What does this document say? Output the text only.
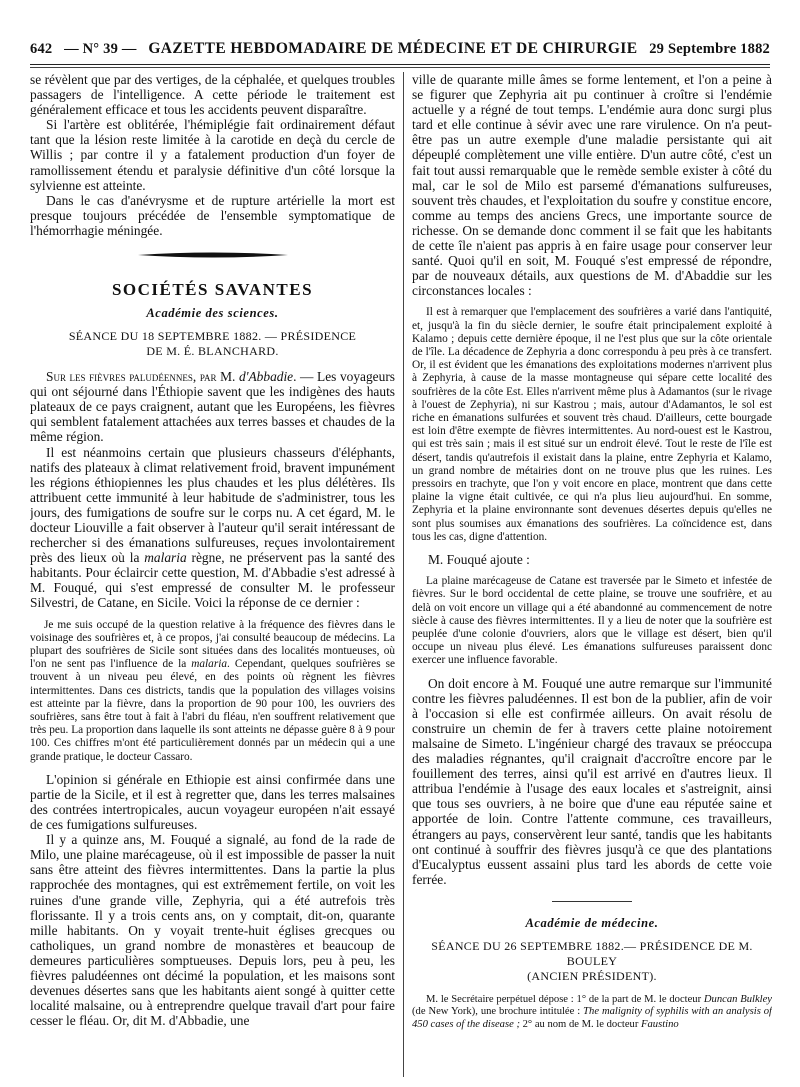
642 — N° 39 — GAZETTE HEBDOMADAIRE DE MÉDECINE ET DE CHIRURGIE 29 Septembre 1882

se révèlent que par des vertiges, de la céphalée, et quelques troubles passagers de l'intelligence. A cette période le traitement est généralement efficace et tous les accidents peuvent disparaître.

Si l'artère est oblitérée, l'hémiplégie fait ordinairement défaut tant que la lésion reste limitée à la carotide en deçà du cercle de Willis ; par contre il y a fatalement production d'un foyer de ramollissement étendu et paralysie définitive d'un côté lorsque la sylvienne est atteinte.

Dans le cas d'anévrysme et de rupture artérielle la mort est presque toujours précédée de l'ensemble symptomatique de l'hémorrhagie méningée.

SOCIÉTÉS SAVANTES
Académie des sciences.
SÉANCE DU 18 SEPTEMBRE 1882. — PRÉSIDENCE
DE M. É. BLANCHARD.

Sur les fièvres paludéennes, par M. d'Abbadie. — Les voyageurs qui ont séjourné dans l'Éthiopie savent que les indigènes des hauts plateaux de ce pays craignent, autant que les Européens, les fièvres qui semblent fatalement attachées aux terres basses et chaudes de la même région.

Il est néanmoins certain que plusieurs chasseurs d'éléphants, natifs des plateaux à climat relativement froid, bravent impunément les régions éthiopiennes les plus chaudes et les plus délétères. Ils attribuent cette immunité à leur habitude de s'administrer, tous les jours, des fumigations de soufre sur le corps nu. A cet égard, M. le docteur Liouville a fait observer à l'auteur qu'il serait intéressant de rechercher si des émanations sulfureuses, reçues involontairement près des lieux où la malaria règne, ne préservent pas la santé des habitants. Pour éclaircir cette question, M. d'Abbadie s'est adressé à M. Fouqué, qui s'est empressé de consulter M. le professeur Silvestri, de Catane, en Sicile. Voici la réponse de ce dernier :

Je me suis occupé de la question relative à la fréquence des fièvres dans le voisinage des soufrières et, à ce propos, j'ai consulté beaucoup de médecins. La plupart des soufrières de Sicile sont situées dans des localités montueuses, où l'on ne sent pas l'influence de la malaria. Cependant, quelques soufrières se trouvent à un niveau peu élevé, en des points où règnent les fièvres intermittentes. Dans ces districts, tandis que la population des villages voisins est atteinte par la fièvre, dans la proportion de 90 pour 100, les ouvriers des soufrières, sans être tout à fait à l'abri du fléau, n'en souffrent relativement que très peu. La proportion dans laquelle ils sont atteints ne dépasse guère 8 à 9 pour 100. Ces chiffres m'ont été particulièrement donnés par un médecin qui a une grande pratique, le docteur Cassaro.

L'opinion si générale en Ethiopie est ainsi confirmée dans une partie de la Sicile, et il est à regretter que, dans les terres malsaines des contrées intertropicales, aucun voyageur européen n'ait essayé de ces fumigations sulfureuses.

Il y a quinze ans, M. Fouqué a signalé, au fond de la rade de Milo, une plaine marécageuse, où il est impossible de passer la nuit sans être atteint des fièvres intermittentes. Dans la partie la plus rapprochée des montagnes, qui est extrêmement fertile, on voit les ruines d'une grande ville, Zephyria, qui a été autrefois très florissante. Il y a trois cents ans, on y comptait, dit-on, quarante mille habitants. On y voyait trente-huit églises grecques ou catholiques, un grand nombre de monastères et beaucoup de demeures particulières somptueuses. Depuis lors, peu à peu, les fièvres paludéennes ont décimé la population, et les maisons sont devenues désertes sans que les habitants aient songé à quitter cette localité malsaine, ou à entreprendre quelque travail d'art pour faire cesser le fléau. Or, dit M. d'Abbadie, une

ville de quarante mille âmes se forme lentement, et l'on a peine à se figurer que Zephyria ait pu continuer à croître si l'endémie actuelle y a régné de tout temps. L'endémie aura donc surgi plus tard et elle continue à sévir avec une rare virulence. On n'a peut-être pas un autre exemple d'une maladie persistante qui ait dépeuplé complètement une ville entière. D'un autre côté, c'est un fait tout aussi remarquable que le remède semble exister à côté du mal, car le sol de Milo est parsemé d'émanations sulfureuses, souvent très chaudes, et l'exploitation du soufre y constitue encore, comme au temps des anciens Grecs, une importante source de richesse. On se demande donc comment il se fait que les habitants de cette île n'aient pas appris à en faire usage pour conserver leur santé. Quoi qu'il en soit, M. Fouqué s'est empressé de répondre, par de nouveaux détails, aux questions de M. d'Abaddie sur les circonstances locales :

Il est à remarquer que l'emplacement des soufrières a varié dans l'antiquité, et, jusqu'à la fin du siècle dernier, le soufre était principalement exploité à Kalamo ; depuis cette dernière époque, il ne l'est plus que sur la côte orientale de l'île. La décadence de Zephyria a donc correspondu à peu près à ce transfert. Or, il est évident que les émanations des exploitations modernes n'arrivent plus à Zephyria, à cause de la masse montagneuse qui sépare cette localité des soufrières de la côte Est. Elles n'arrivent même plus à Adamantos (sur le rivage à l'ouest de Zephyria), ni sur Kastrou ; mais, autour d'Adamantos, le sol est riche en émanations sulfurées et souvent très chaud. D'ailleurs, cette bourgade est loin d'être exempte de fièvres intermittentes. Au nord-ouest est le Kastrou, qui est très sain ; mais il est situé sur un endroit élevé. Tout le reste de l'île est désert, tandis qu'autrefois il existait dans la plaine, entre Zephyria et Kalamo, un grand nombre de métairies dont on ne trouve plus que les ruines. Les pressoirs en trachyte, que l'on y voit encore en place, montrent que dans cette plaine la vigne était cultivée, ce qui n'a plus lieu aujourd'hui. En somme, Zephyria et la plaine environnante sont devenues désertes depuis qu'elles ne sont plus soumises aux émanations des soufrières. La coïncidence est, dans tous les cas, digne d'attention.

M. Fouqué ajoute :

La plaine marécageuse de Catane est traversée par le Simeto et infestée de fièvres. Sur le bord occidental de cette plaine, se trouve une soufrière, et au delà on voit encore un village qui a été abandonné au commencement de notre siècle à cause des fièvres intermittentes. Il y a lieu de noter que la soufrière est peuplée d'une colonie d'ouvriers, alors que le village est désert, bien qu'il occupe un niveau plus élevé. Les émanations sulfureuses paraissent donc exercer une influence favorable.

On doit encore à M. Fouqué une autre remarque sur l'immunité contre les fièvres paludéennes. Il est bon de la publier, afin de voir à l'occasion si elle est confirmée ailleurs. On avait résolu de construire un chemin de fer à travers cette plaine notoirement malsaine de Simeto. L'ingénieur chargé des travaux se préoccupa des maladies régnantes, qu'il craignait d'accroître encore par le fouillement des terres, ainsi qu'il est arrivé en d'autres lieux. Il attribua l'endémie à l'usage des eaux locales et s'astreignit, ainsi que tous ses ouvriers, à ne boire que d'une eau réputée saine et apportée de loin. Contre l'attente commune, ces travailleurs, étrangers au pays, conservèrent leur santé, tandis que les habitants ont continué à souffrir des fièvres jusqu'à ce que des plantations d'Eucalyptus eussent assaini plus tard les abords de cette voie ferrée.

Académie de médecine.
SÉANCE DU 26 SEPTEMBRE 1882.— PRÉSIDENCE DE M. BOULEY
(ANCIEN PRÉSIDENT).

M. le Secrétaire perpétuel dépose : 1° de la part de M. le docteur Duncan Bulkley (de New York), une brochure intitulée : The malignity of syphilis with an analysis of 450 cases of the disease ; 2° au nom de M. le docteur Faustino
